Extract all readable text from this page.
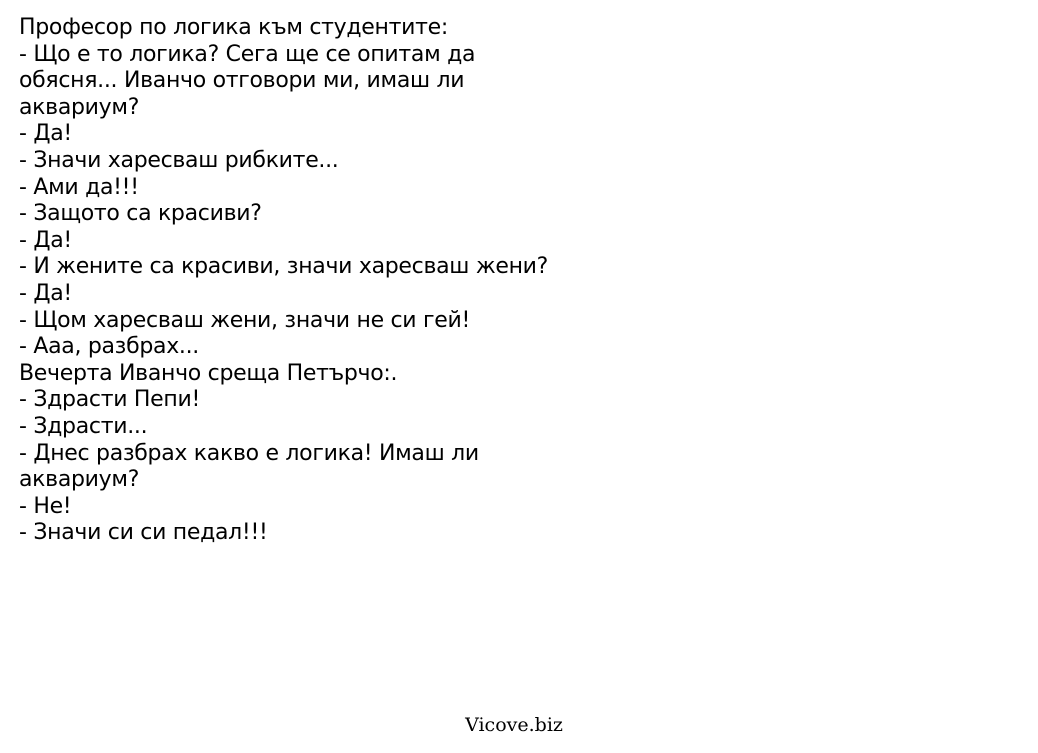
Професор по логика към студентите:
- Що е то логика? Сега ще се опитам да
обясня... Иванчо отговори ми, имаш ли
аквариум?
- Да!
- Значи харесваш рибките...
- Ами да!!!
- Защото са красиви?
- Да!
- И жените са красиви, значи харесваш жени?
- Да!
- Щом харесваш жени, значи не си гей!
- Ааа, разбрах...
Вечерта Иванчо среща Петърчо:.
- Здрасти Пепи!
- Здрасти...
- Днес разбрах какво е логика! Имаш ли
аквариум?
- Не!
- Значи си си педал!!!
Vicove.biz
